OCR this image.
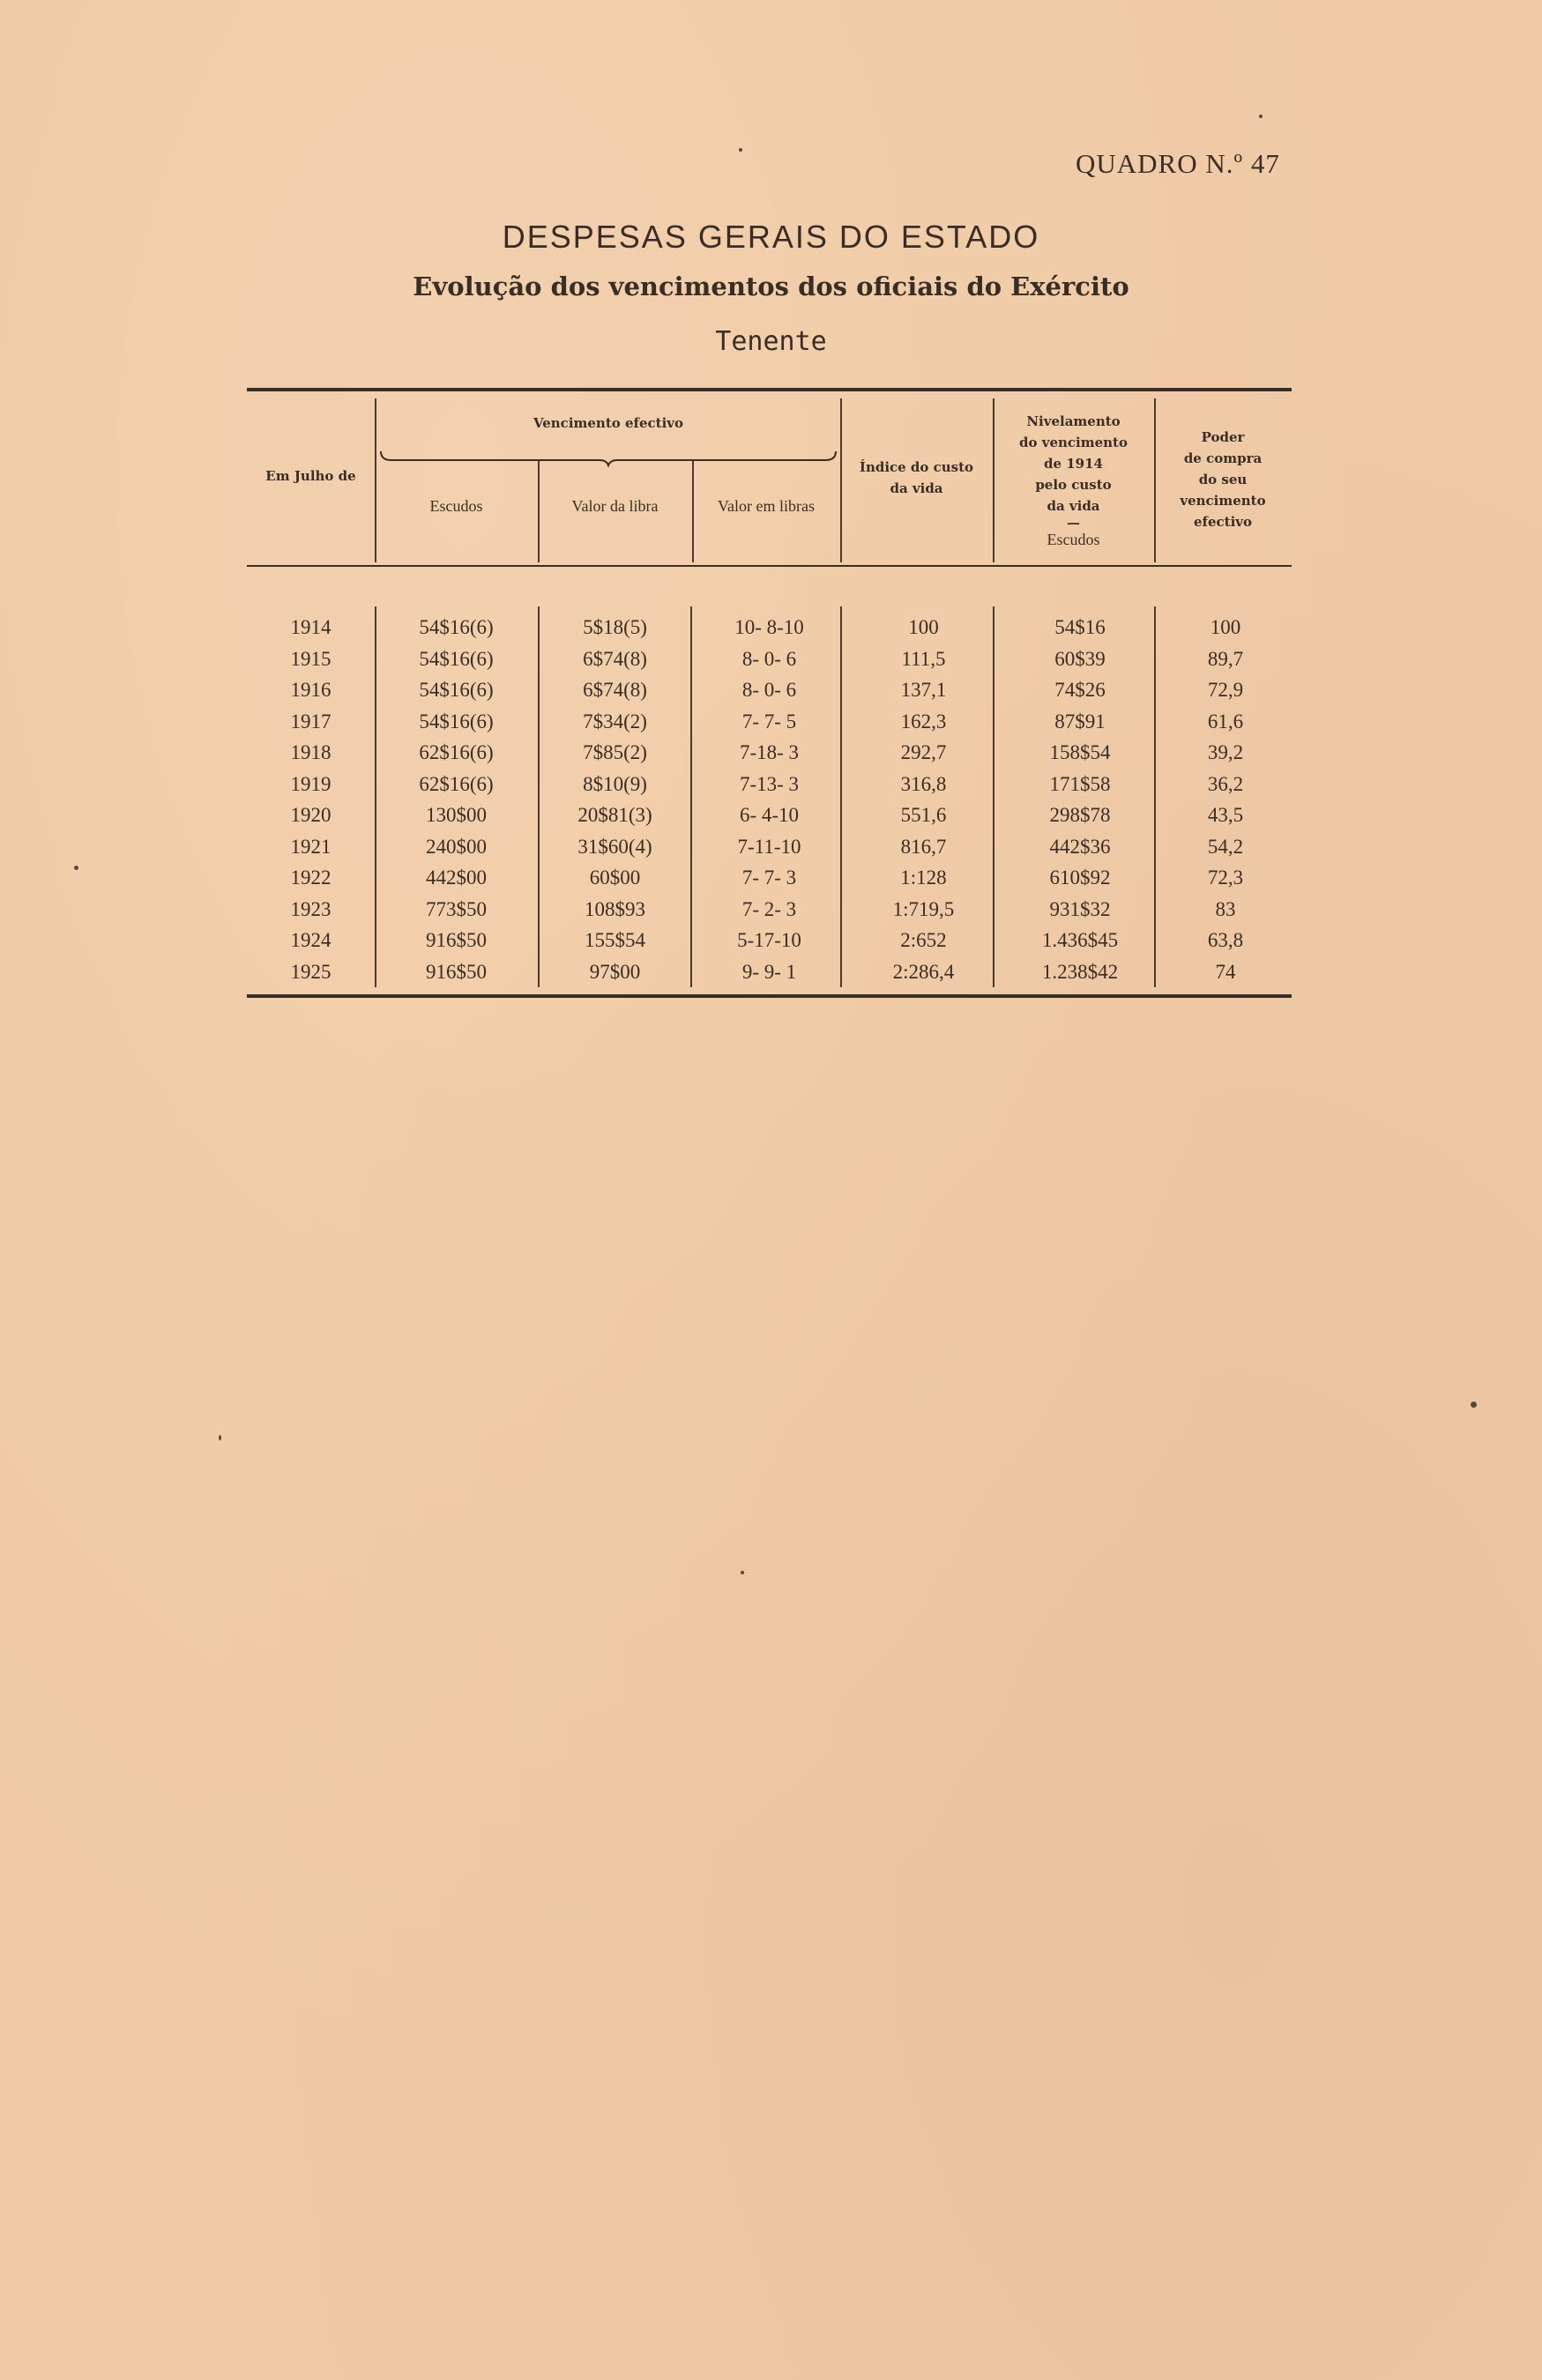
QUADRO N.º 47
DESPESAS GERAIS DO ESTADO
Evolução dos vencimentos dos oficiais do Exército
Tenente
Em Julho de
Vencimento efectivo
Escudos	Valor da libra	Valor em libras
Índice do custo
da vida
Nivelamento
do vencimento
de 1914
pelo custo
da vida
—
Escudos
Poder
de compra
do seu
vencimento
efectivo
1914	54$16(6)	5$18(5)	10- 8-10	100	54$16	100
1915	54$16(6)	6$74(8)	8- 0- 6	111,5	60$39	89,7
1916	54$16(6)	6$74(8)	8- 0- 6	137,1	74$26	72,9
1917	54$16(6)	7$34(2)	7- 7- 5	162,3	87$91	61,6
1918	62$16(6)	7$85(2)	7-18- 3	292,7	158$54	39,2
1919	62$16(6)	8$10(9)	7-13- 3	316,8	171$58	36,2
1920	130$00	20$81(3)	6- 4-10	551,6	298$78	43,5
1921	240$00	31$60(4)	7-11-10	816,7	442$36	54,2
1922	442$00	60$00	7- 7- 3	1:128	610$92	72,3
1923	773$50	108$93	7- 2- 3	1:719,5	931$32	83
1924	916$50	155$54	5-17-10	2:652	1.436$45	63,8
1925	916$50	97$00	9- 9- 1	2:286,4	1.238$42	74
